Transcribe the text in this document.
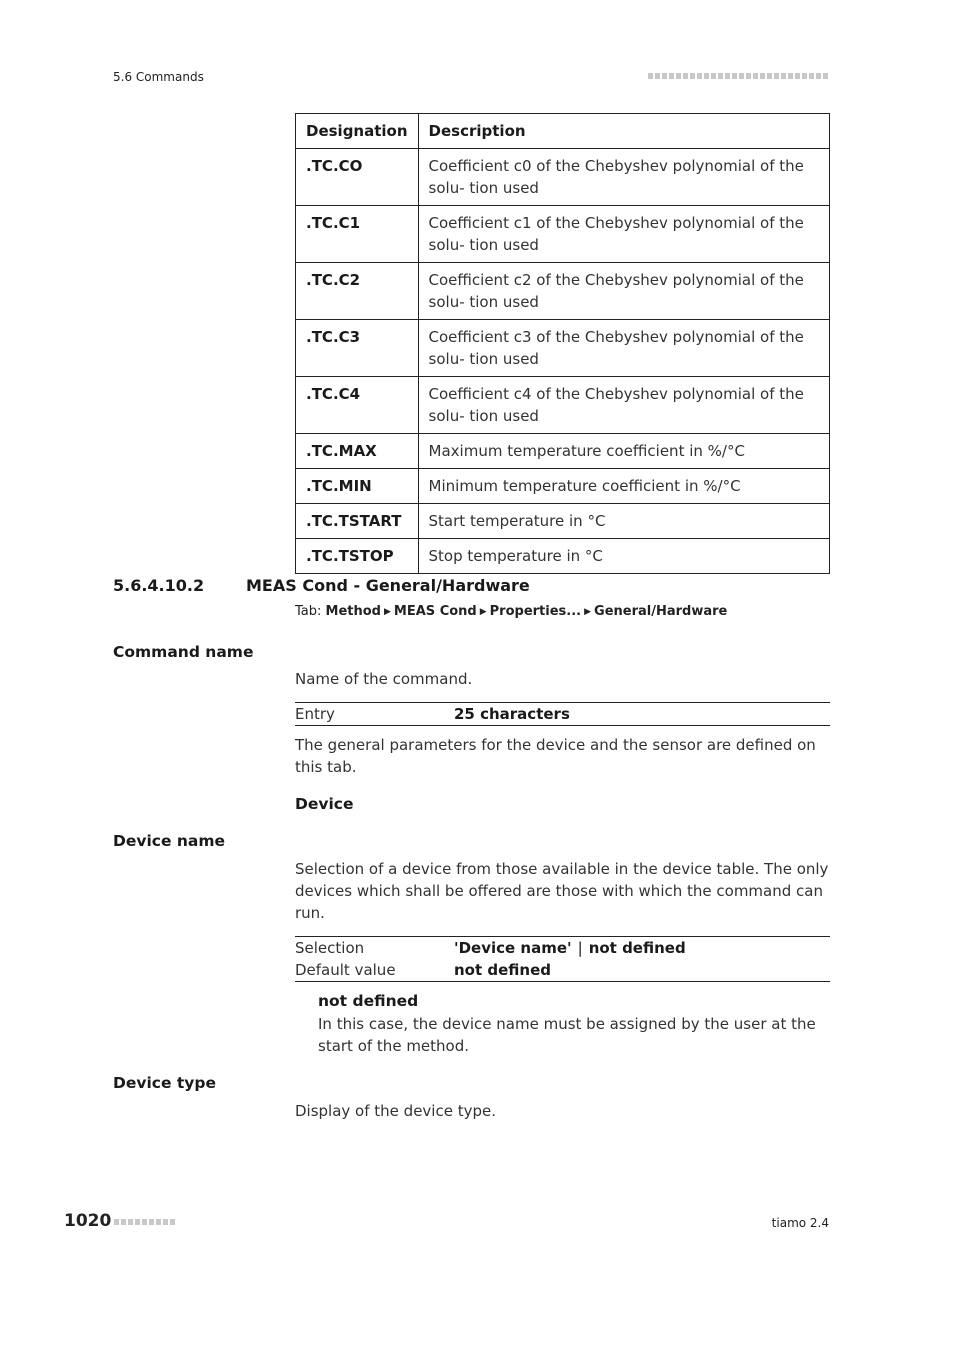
5.6 Commands
Designation	Description
.TC.CO	Coefficient c0 of the Chebyshev polynomial of the solu- tion used
.TC.C1	Coefficient c1 of the Chebyshev polynomial of the solu- tion used
.TC.C2	Coefficient c2 of the Chebyshev polynomial of the solu- tion used
.TC.C3	Coefficient c3 of the Chebyshev polynomial of the solu- tion used
.TC.C4	Coefficient c4 of the Chebyshev polynomial of the solu- tion used
.TC.MAX	Maximum temperature coefficient in %/°C
.TC.MIN	Minimum temperature coefficient in %/°C
.TC.TSTART	Start temperature in °C
.TC.TSTOP	Stop temperature in °C
5.6.4.10.2	MEAS Cond - General/Hardware
Tab: Method ▶ MEAS Cond ▶ Properties... ▶ General/Hardware
Command name
Name of the command.
Entry	25 characters
The general parameters for the device and the sensor are defined on this tab.
Device
Device name
Selection of a device from those available in the device table. The only devices which shall be offered are those with which the command can run.
Selection	'Device name' | not defined
Default value	not defined
not defined
In this case, the device name must be assigned by the user at the start of the method.
Device type
Display of the device type.
1020	tiamo 2.4
